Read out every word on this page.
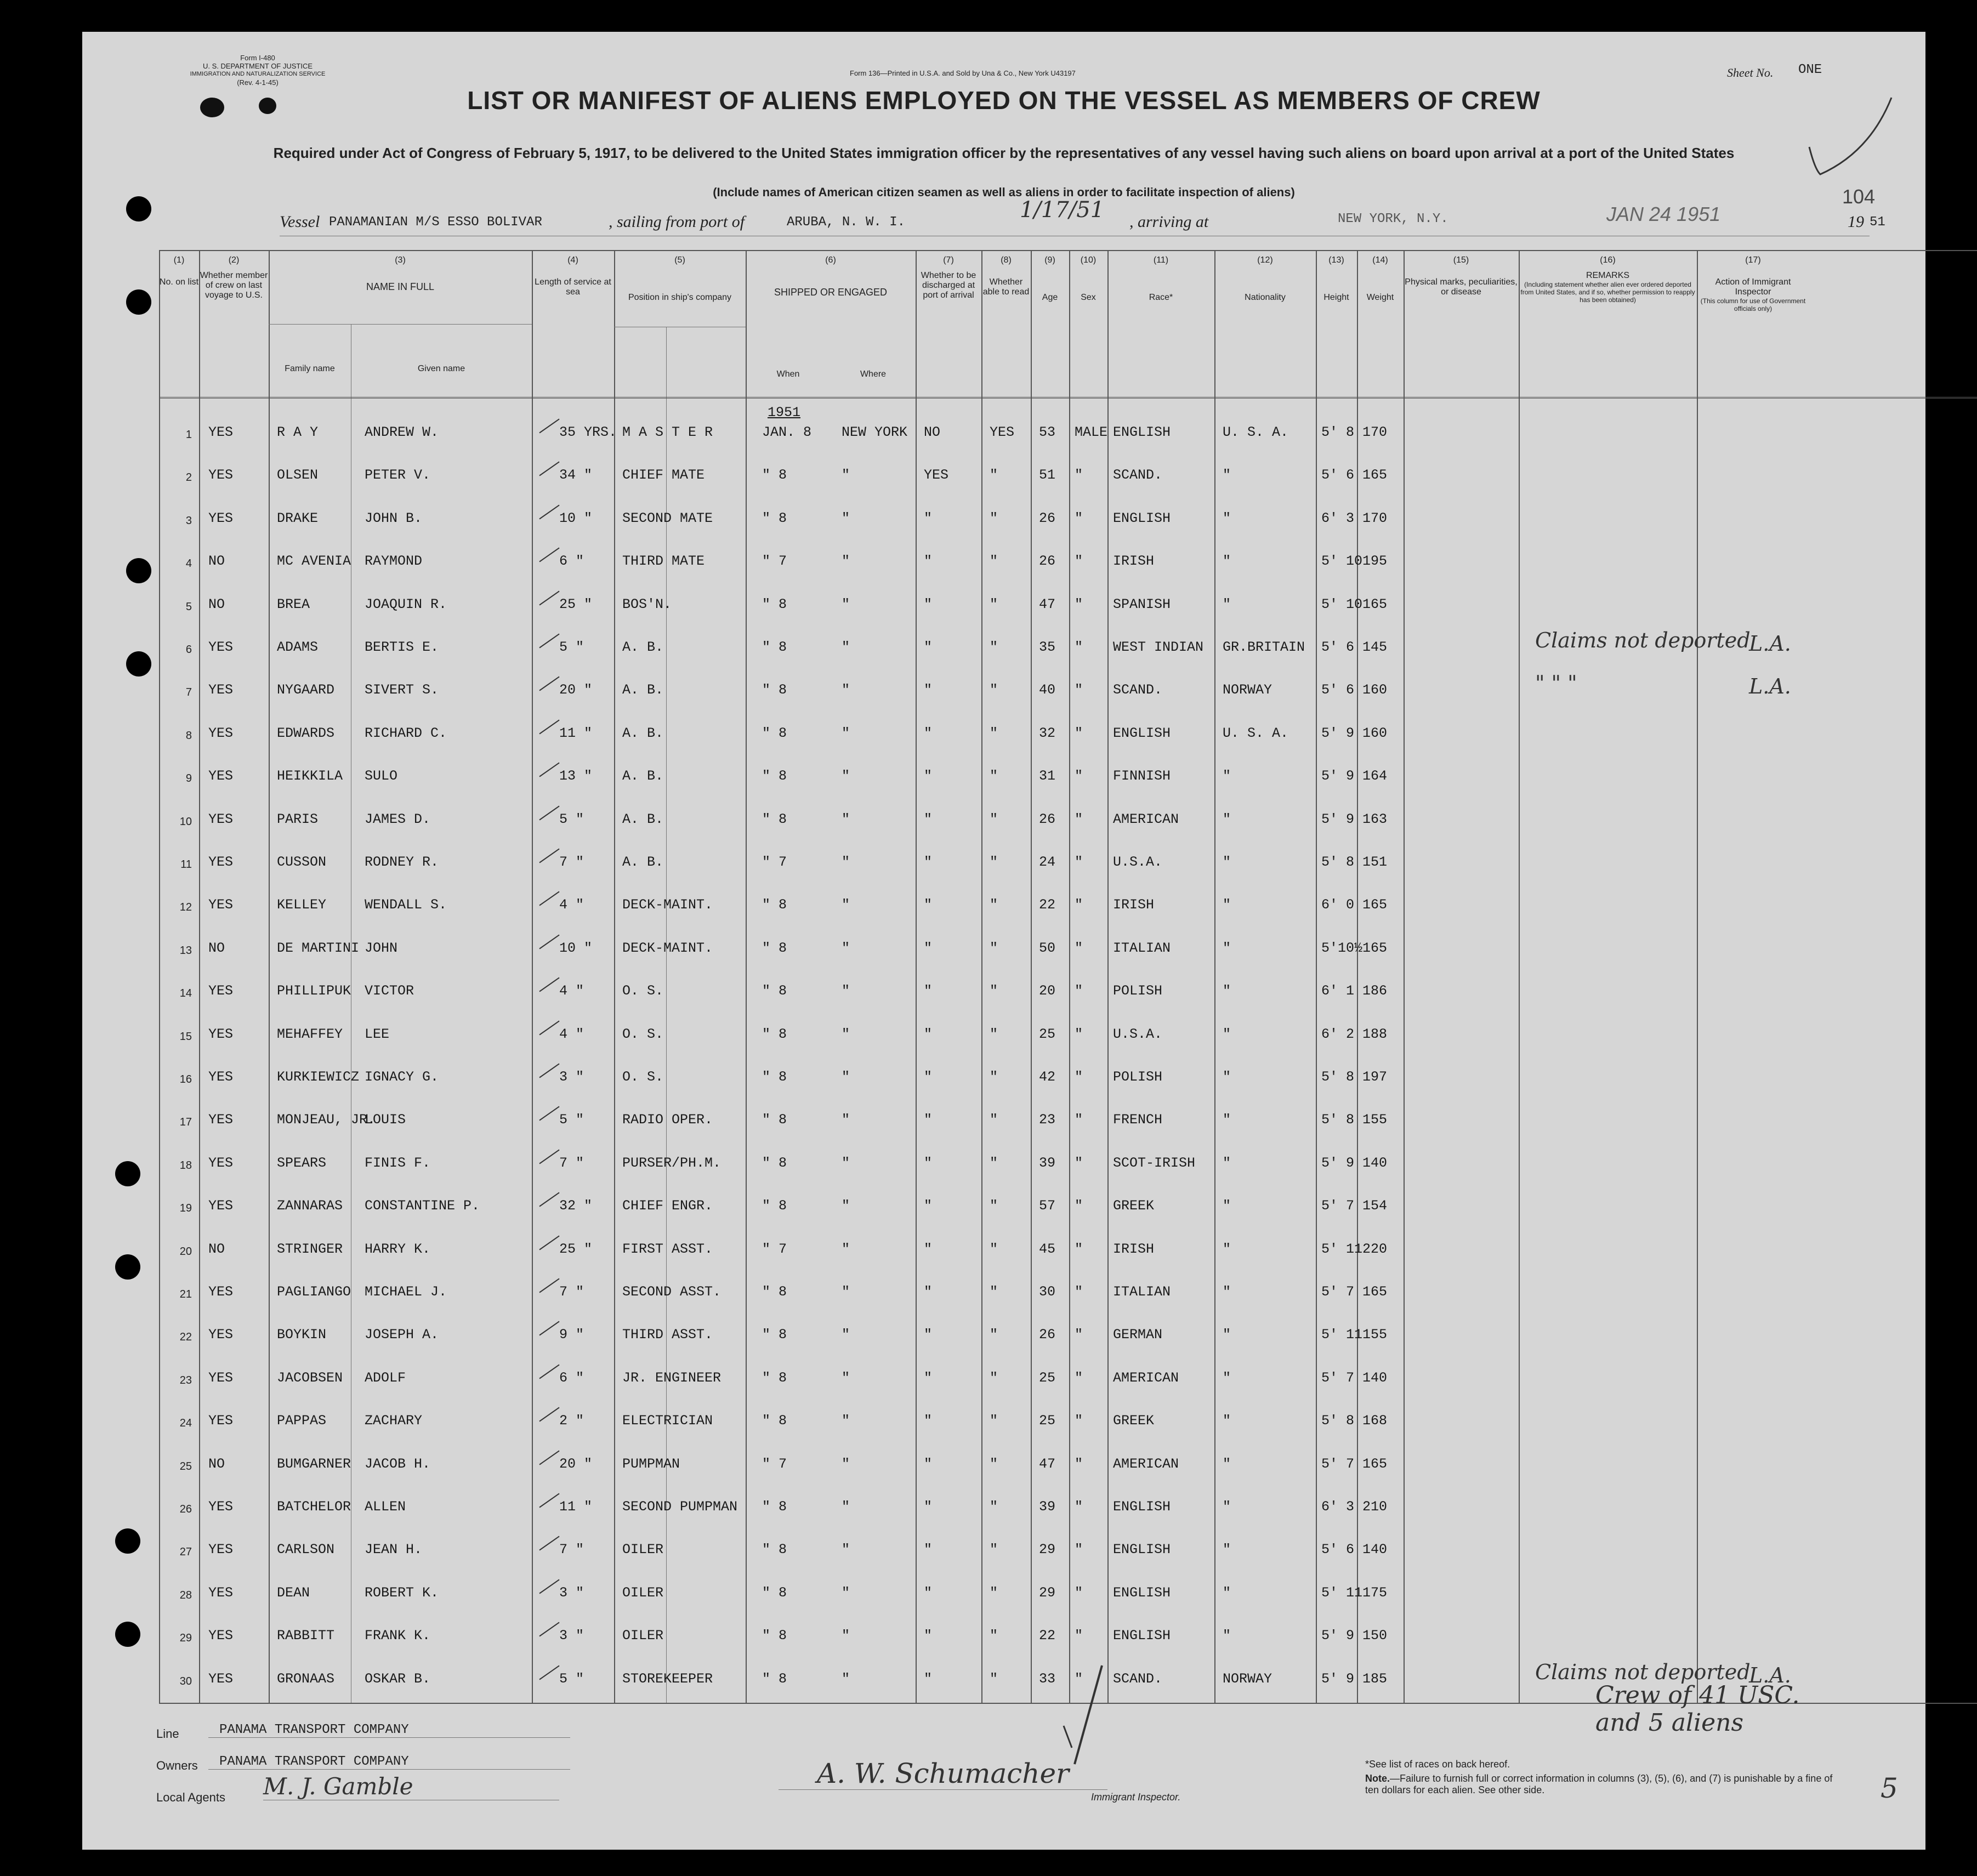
Form I-480
U. S. DEPARTMENT OF JUSTICE
IMMIGRATION AND NATURALIZATION SERVICE
(Rev. 4-1-45)
Form 136—Printed in U.S.A. and Sold by Una & Co., New York U43197	Sheet No. ONE
LIST OR MANIFEST OF ALIENS EMPLOYED ON THE VESSEL AS MEMBERS OF CREW
Required under Act of Congress of February 5, 1917, to be delivered to the United States immigration officer by the representatives of any vessel having such aliens on board upon arrival at a port of the United States
(Include names of American citizen seamen as well as aliens in order to facilitate inspection of aliens)	104
Vessel PANAMANIAN M/S ESSO BOLIVAR	, sailing from port of	ARUBA, N. W. I.	1/17/51 , arriving at	NEW YORK, N.Y.	JAN 24 1951	19 51
(1)
No. on list
(2)
Whether member of crew on last voyage to U.S.
(3)
NAME IN FULL
Family name	Given name
(4)
Length of service at sea
(5)
Position in ship's company
(6)
SHIPPED OR ENGAGED
When	Where
(7)
Whether to be discharged at port of arrival
(8)
Whether able to read
(9)
Age
(10)
Sex
(11)
Race*
(12)
Nationality
(13)
Height
(14)
Weight
(15)
Physical marks, peculiarities, or disease
(16)
REMARKS
(Including statement whether alien ever ordered deported from United States, and if so, whether permission to reapply has been obtained)
(17)
Action of Immigrant Inspector
(This column for use of Government officials only)
1951
1 YES	R A Y	ANDREW W.	35 YRS. M A S T E R	JAN. 8 NEW YORK NO	YES 53 MALE ENGLISH	U. S. A. 5' 8 170
2 YES	OLSEN	PETER V.	34 " CHIEF MATE	" 8	"	YES	"	51 " SCAND.	"	5' 6 165
3 YES	DRAKE	JOHN B.	10 " SECOND MATE	" 8	"	"	"	26 " ENGLISH	"	6' 3 170
4 NO	MC AVENIA RAYMOND	6 "	THIRD MATE	" 7	"	"	"	26 " IRISH	"	5' 10 195
5 NO	BREA	JOAQUIN R.	25 " BOS'N.	" 8	"	"	"	47 " SPANISH	"	5' 10 165
6 YES	ADAMS	BERTIS E.	5 "	A. B.	" 8	"	"	"	35 " WEST INDIAN GR.BRITAIN 5' 6 145	Claims not deported
L.A.
7 YES	NYGAARD SIVERT S.	20 " A. B.	" 8	"	"	"	40 " SCAND.	NORWAY	5' 6 160	" " "	L.A.
8 YES	EDWARDS RICHARD C.	11 " A. B.	" 8	"	"	"	32 " ENGLISH	U. S. A. 5' 9 160
9 YES	HEIKKILA SULO	13 " A. B.	" 8	"	"	"	31 " FINNISH	"	5' 9 164
10 YES	PARIS	JAMES D.	5 "	A. B.	" 8	"	"	"	26 " AMERICAN	"	5' 9 163
11 YES	CUSSON	RODNEY R.	7 "	A. B.	" 7	"	"	"	24 " U.S.A.	"	5' 8 151
12 YES	KELLEY	WENDALL S.	4 "	DECK-MAINT.	" 8	"	"	"	22 " IRISH	"	6' 0 165
13 NO	DE MARTINI JOHN	10 " DECK-MAINT.	" 8	"	"	"	50 " ITALIAN	"	5'10½ 165
14 YES	PHILLIPUK VICTOR	4 "	O. S.	" 8	"	"	"	20 " POLISH	"	6' 1 186
15 YES	MEHAFFEY LEE	4 "	O. S.	" 8	"	"	"	25 " U.S.A.	"	6' 2 188
16 YES	KURKIEWICZ IGNACY G.	3 "	O. S.	" 8	"	"	"	42 " POLISH	"	5' 8 197
17 YES	MONJEAU, JR.
LOUIS	5 "	RADIO OPER.	" 8	"	"	"	23 " FRENCH	"	5' 8 155
18 YES	SPEARS	FINIS F.	7 "	PURSER/PH.M.	" 8	"	"	"	39 " SCOT-IRISH "	5' 9 140
19 YES	ZANNARAS CONSTANTINE P.	32 " CHIEF ENGR.	" 8	"	"	"	57 " GREEK	"	5' 7 154
20 NO	STRINGER HARRY K.	25 " FIRST ASST.	" 7	"	"	"	45 " IRISH	"	5' 11 220
21 YES	PAGLIANGO MICHAEL J.	7 "	SECOND ASST.	" 8	"	"	"	30 " ITALIAN	"	5' 7 165
22 YES	BOYKIN	JOSEPH A.	9 "	THIRD ASST.	" 8	"	"	"	26 " GERMAN	"	5' 11 155
23 YES	JACOBSEN ADOLF	6 "	JR. ENGINEER	" 8	"	"	"	25 " AMERICAN	"	5' 7 140
24 YES	PAPPAS	ZACHARY	2 "	ELECTRICIAN	" 8	"	"	"	25 " GREEK	"	5' 8 168
25 NO	BUMGARNER JACOB H.	20 " PUMPMAN	" 7	"	"	"	47 " AMERICAN	"	5' 7 165
26 YES	BATCHELOR ALLEN	11 " SECOND PUMPMAN " 8	"	"	"	39 " ENGLISH	"	6' 3 210
27 YES	CARLSON JEAN H.	7 "	OILER	" 8	"	"	"	29 " ENGLISH	"	5' 6 140
28 YES	DEAN	ROBERT K.	3 "	OILER	" 8	"	"	"	29 " ENGLISH	"	5' 11 175
29 YES	RABBITT FRANK K.	3 "	OILER	" 8	"	"	"	22 " ENGLISH	"	5' 9 150
30 YES	GRONAAS OSKAR B.	5 "	STOREKEEPER	" 8	"	"	"	33 " SCAND.	NORWAY	5' 9 185	Claims not deported
L.A.
Line	PANAMA TRANSPORT COMPANY
Owners	PANAMA TRANSPORT COMPANY
Local Agents M. J. Gamble	A. W. Schumacher
Immigrant Inspector.
Crew of 41 USC. and 5 aliens
*See list of races on back hereof.
Note.—Failure to furnish full or correct information in columns (3), (5), (6), and (7) is punishable by a fine of ten dollars for each alien. See other side.	5
